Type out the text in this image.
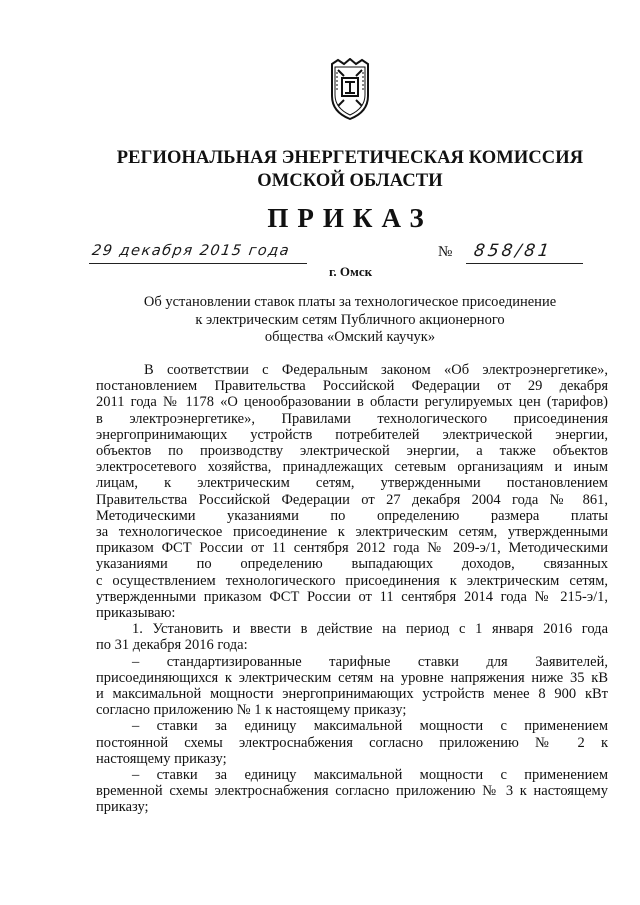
РЕГИОНАЛЬНАЯ ЭНЕРГЕТИЧЕСКАЯ КОМИССИЯ
ОМСКОЙ ОБЛАСТИ
ПРИКАЗ
29 декабря 2015 года	№ 858/81
г. Омск
Об установлении ставок платы за технологическое присоединение
к электрическим сетям Публичного акционерного
общества «Омский каучук»
В соответствии с Федеральным законом «Об электроэнергетике»,
постановлением Правительства Российской Федерации от 29 декабря
2011 года № 1178 «О ценообразовании в области регулируемых цен (тарифов)
в электроэнергетике», Правилами технологического присоединения
энергопринимающих устройств потребителей электрической энергии,
объектов по производству электрической энергии, а также объектов
электросетевого хозяйства, принадлежащих сетевым организациям и иным
лицам, к электрическим сетям, утвержденными постановлением
Правительства Российской Федерации от 27 декабря 2004 года № 861,
Методическими указаниями по определению размера платы
за технологическое присоединение к электрическим сетям, утвержденными
приказом ФСТ России от 11 сентября 2012 года № 209-э/1, Методическими
указаниями по определению выпадающих доходов, связанных
с осуществлением технологического присоединения к электрическим сетям,
утвержденными приказом ФСТ России от 11 сентября 2014 года № 215-э/1,
приказываю:
1. Установить и ввести в действие на период с 1 января 2016 года
по 31 декабря 2016 года:
– стандартизированные тарифные ставки для Заявителей,
присоединяющихся к электрическим сетям на уровне напряжения ниже 35 кВ
и максимальной мощности энергопринимающих устройств менее 8 900 кВт
согласно приложению № 1 к настоящему приказу;
– ставки за единицу максимальной мощности с применением
постоянной схемы электроснабжения согласно приложению № 2 к
настоящему приказу;
– ставки за единицу максимальной мощности с применением
временной схемы электроснабжения согласно приложению № 3 к настоящему
приказу;
